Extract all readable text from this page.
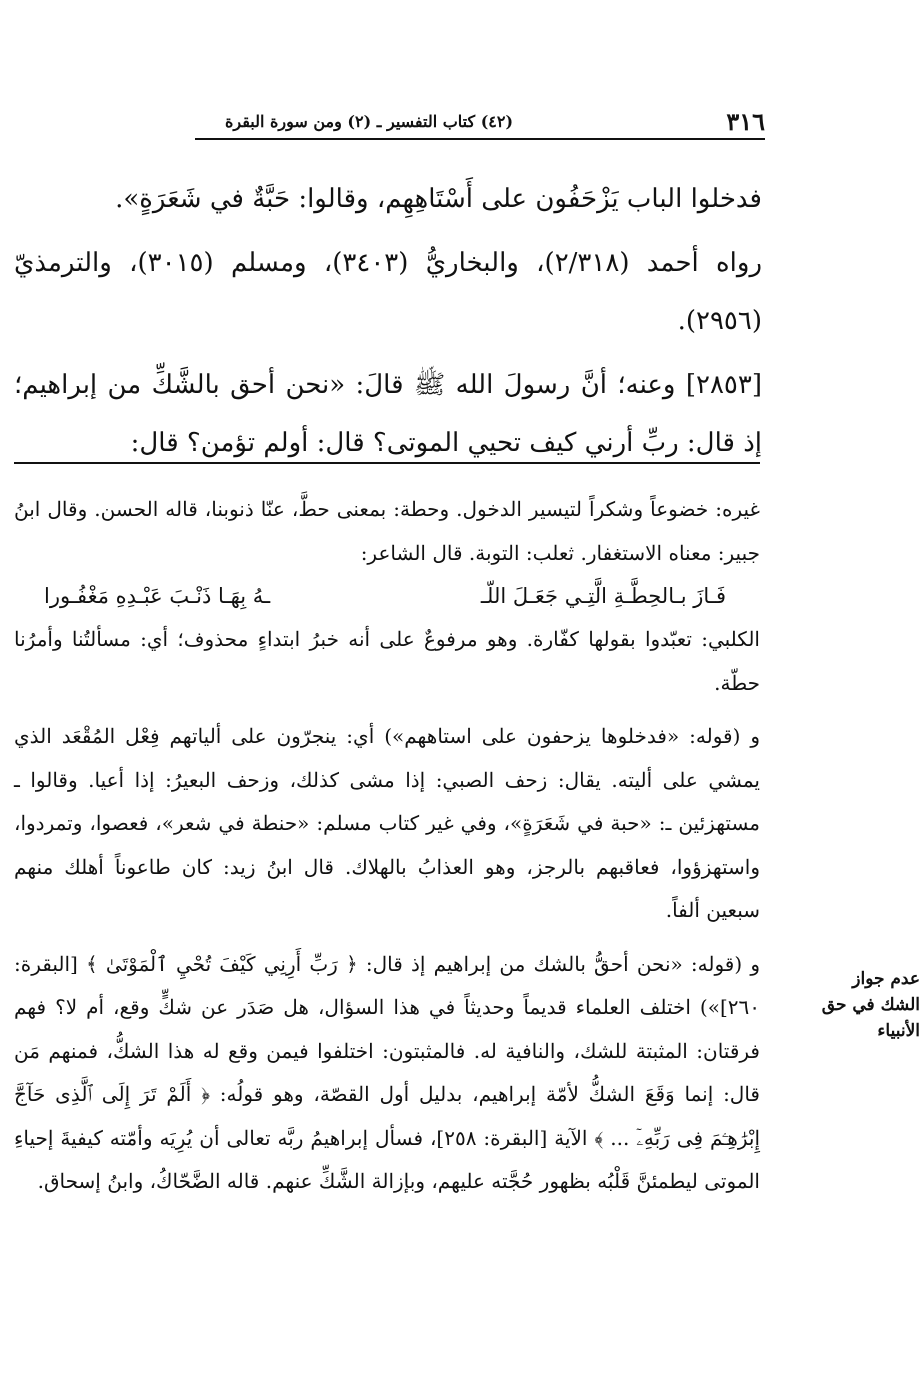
٣١٦
(٤٢) كتاب التفسير ـ (٢) ومن سورة البقرة

فدخلوا الباب يَزْحَفُون على أَسْتَاهِهِم، وقالوا: حَبَّةٌ في شَعَرَةٍ».

رواه أحمد (٢/٣١٨)، والبخاريُّ (٣٤٠٣)، ومسلم (٣٠١٥)، والترمذيّ (٢٩٥٦).

[٢٨٥٣] وعنه؛ أنَّ رسولَ الله ﷺ قالَ: «نحن أحق بالشَّكِّ من إبراهيم؛ إذ قال: ربِّ أرني كيف تحيي الموتى؟ قال: أولم تؤمن؟ قال:

غيره: خضوعاً وشكراً لتيسير الدخول. وحطة: بمعنى حطَّ، عنّا ذنوبنا، قاله الحسن. وقال ابنُ جبير: معناه الاستغفار. ثعلب: التوبة. قال الشاعر:

فَـازَ بـالحِطَّـةِ الَّتِـي جَعَـلَ اللّـ
ـهُ بِهَـا ذَنْـبَ عَبْـدِهِ مَغْفُـورا

الكلبي: تعبّدوا بقولها كفّارة. وهو مرفوعٌ على أنه خبرُ ابتداءٍ محذوف؛ أي: مسألتُنا وأمرُنا حطّة.

و (قوله: «فدخلوها يزحفون على استاههم») أي: ينجرّون على ألياتهم فِعْل المُقْعَد الذي يمشي على أليته. يقال: زحف الصبي: إذا مشى كذلك، وزحف البعيرُ: إذا أعيا. وقالوا ـ مستهزئين ـ: «حبة في شَعَرَةٍ»، وفي غير كتاب مسلم: «حنطة في شعر»، فعصوا، وتمردوا، واستهزؤوا، فعاقبهم بالرجز، وهو العذابُ بالهلاك. قال ابنُ زيد: كان طاعوناً أهلك منهم سبعين ألفاً.

و (قوله: «نحن أحقُّ بالشك من إبراهيم إذ قال: ﴿ رَبِّ أَرِنِي كَيْفَ تُحْيِ ٱلْمَوْتَىٰ ﴾ [البقرة: ٢٦٠]») اختلف العلماء قديماً وحديثاً في هذا السؤال، هل صَدَر عن شكٍّ وقع، أم لا؟ فهم فرقتان: المثبتة للشك، والنافية له. فالمثبتون: اختلفوا فيمن وقع له هذا الشكُّ، فمنهم مَن قال: إنما وَقَعَ الشكُّ لأمّة إبراهيم، بدليل أول القصّة، وهو قولُه: ﴿ أَلَمْ تَرَ إِلَى ٱلَّذِى حَآجَّ إِبْرَٰهِـۧمَ فِى رَبِّهِۦٓ ... ﴾ الآية [البقرة: ٢٥٨]، فسأل إبراهيمُ ربَّه تعالى أن يُرِيَه وأمّته كيفيةَ إحياءِ الموتى ليطمئنَّ قَلْبُه بظهور حُجَّته عليهم، وبإزالة الشَّكِّ عنهم. قاله الضَّحّاكُ، وابنُ إسحاق.

عدم جواز
الشك في حق
الأنبياء
